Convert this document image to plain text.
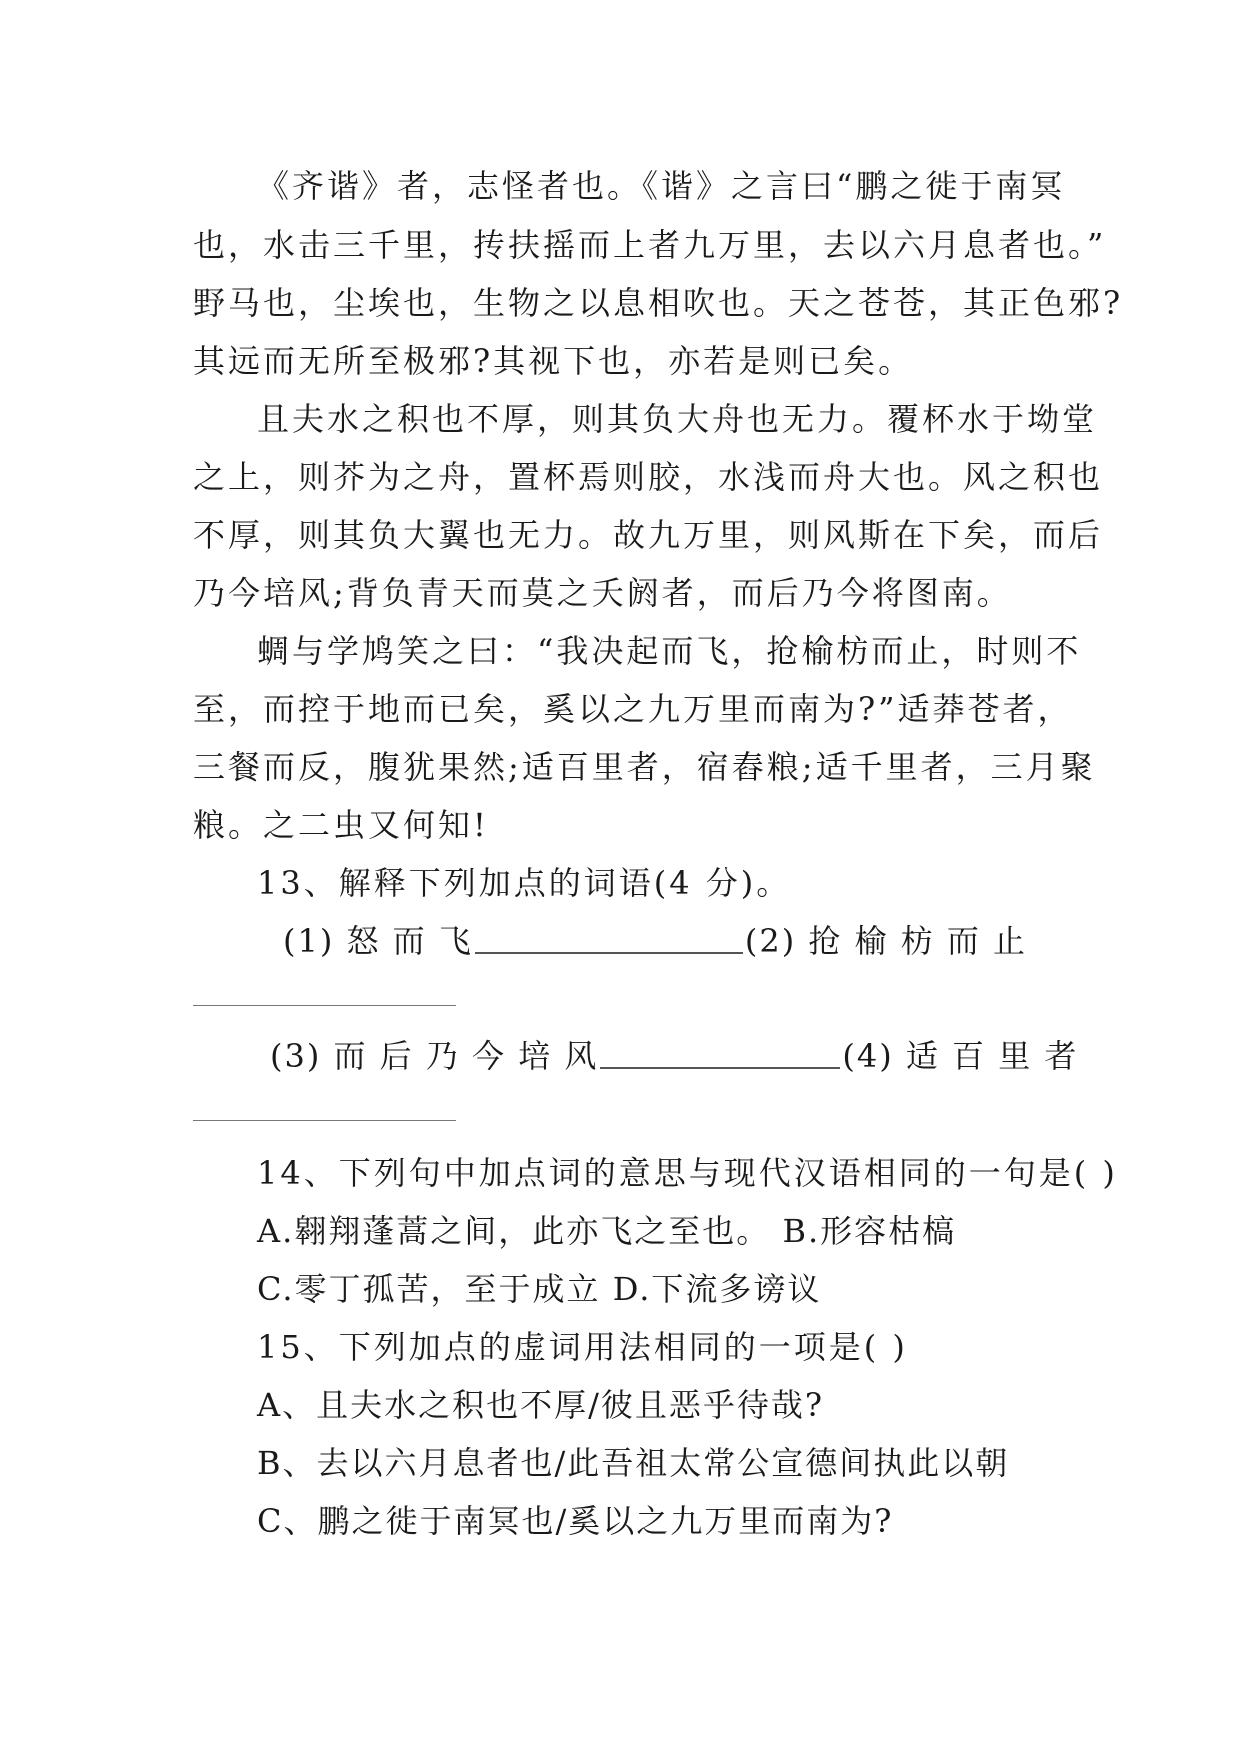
《齐谐》者，志怪者也。《谐》之言曰“鹏之徙于南冥
也，水击三千里，抟扶摇而上者九万里，去以六月息者也。”
野马也，尘埃也，生物之以息相吹也。天之苍苍，其正色邪?
其远而无所至极邪?其视下也，亦若是则已矣。
且夫水之积也不厚，则其负大舟也无力。覆杯水于坳堂
之上，则芥为之舟，置杯焉则胶，水浅而舟大也。风之积也
不厚，则其负大翼也无力。故九万里，则风斯在下矣，而后
乃今培风;背负青天而莫之夭阏者，而后乃今将图南。
蜩与学鸠笑之曰：“我决起而飞，抢榆枋而止，时则不
至，而控于地而已矣，奚以之九万里而南为?”适莽苍者，
三餐而反，腹犹果然;适百里者，宿舂粮;适千里者，三月聚
粮。之二虫又何知!
13、解释下列加点的词语(4 分)。
(1) 怒 而 飞	(2) 抢 榆 枋 而 止
(3) 而 后 乃 今 培 风	(4) 适 百 里 者
14、下列句中加点词的意思与现代汉语相同的一句是( )
A.翱翔蓬蒿之间，此亦飞之至也。 B.形容枯槁
C.零丁孤苦，至于成立 D.下流多谤议
15、下列加点的虚词用法相同的一项是( )
A、且夫水之积也不厚/彼且恶乎待哉?
B、去以六月息者也/此吾祖太常公宣德间执此以朝
C、鹏之徙于南冥也/奚以之九万里而南为?
